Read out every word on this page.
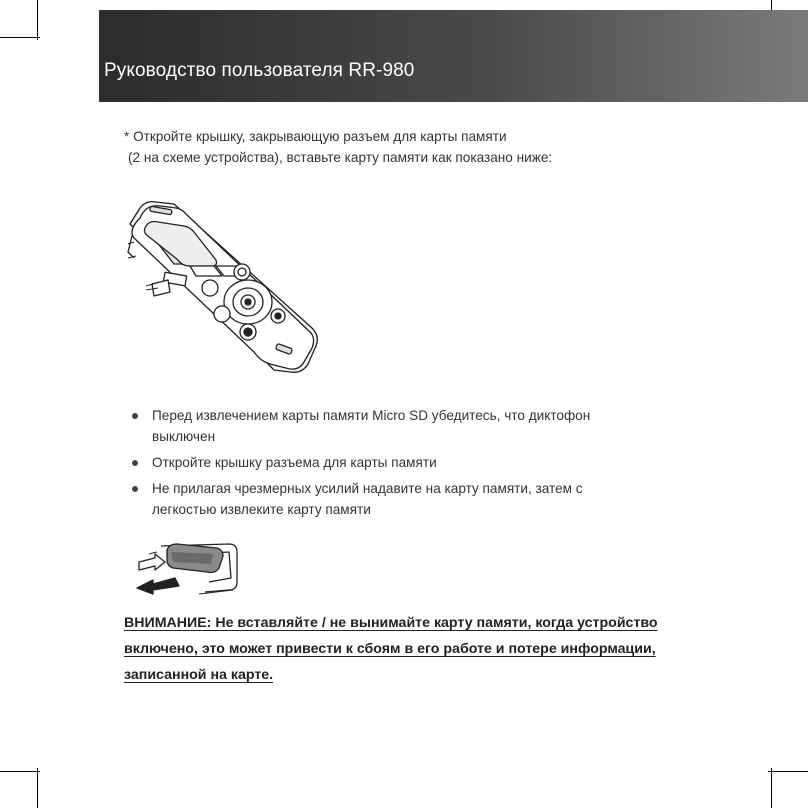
Руководство пользователя RR-980
* Откройте крышку, закрывающую разъем для карты памяти
(2 на схеме устройства), вставьте карту памяти как показано ниже:
Перед извлечением карты памяти Micro SD убедитесь, что диктофон
выключен
Откройте крышку разъема для карты памяти
Не прилагая чрезмерных усилий надавите на карту памяти, затем с
легкостью извлеките карту памяти
ВНИМАНИЕ: Не вставляйте / не вынимайте карту памяти, когда устройство
включено, это может привести к сбоям в его работе и потере информации,
записанной на карте.
